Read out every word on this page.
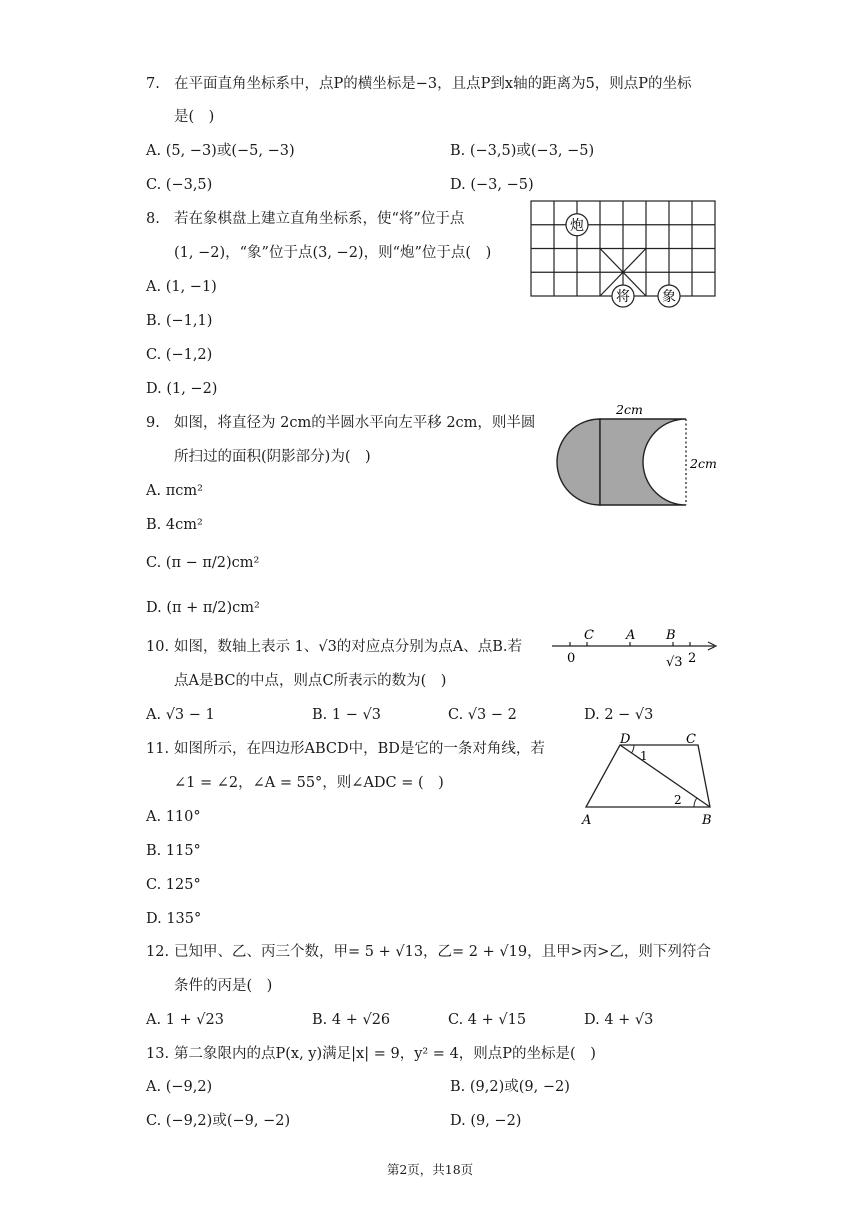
7. 在平面直角坐标系中，点P的横坐标是−3，且点P到x轴的距离为5，则点P的坐标
是(　)
A. (5, −3)或(−5, −3)	B. (−3,5)或(−3, −5)
C. (−3,5)	D. (−3, −5)
8. 若在象棋盘上建立直角坐标系，使“将”位于点
(1, −2)，“象”位于点(3, −2)，则“炮”位于点(　)
A. (1, −1)
B. (−1,1)
C. (−1,2)
D. (1, −2)
炮
将 象
9. 如图，将直径为 2cm的半圆水平向左平移 2cm，则半圆
所扫过的面积(阴影部分)为(　)
A. πcm²
B. 4cm²
C. (π − π/2)cm²
D. (π + π/2)cm²
2cm
2cm
10. 如图，数轴上表示 1、√3的对应点分别为点A、点B.若
点A是BC的中点，则点C所表示的数为(　)
A. √3 − 1	B. 1 − √3	C. √3 − 2	D. 2 − √3
C A B
0	√3 2
11. 如图所示，在四边形ABCD中，BD是它的一条对角线，若
∠1 = ∠2，∠A = 55°，则∠ADC = (　)
A. 110°
B. 115°
C. 125°
D. 135°
D	C
A	B
1
2
12. 已知甲、乙、丙三个数，甲= 5 + √13，乙= 2 + √19，且甲>丙>乙，则下列符合
条件的丙是(　)
A. 1 + √23	B. 4 + √26	C. 4 + √15	D. 4 + √3
13. 第二象限内的点P(x, y)满足|x| = 9，y² = 4，则点P的坐标是(　)
A. (−9,2)	B. (9,2)或(9, −2)
C. (−9,2)或(−9, −2)	D. (9, −2)
第2页，共18页
